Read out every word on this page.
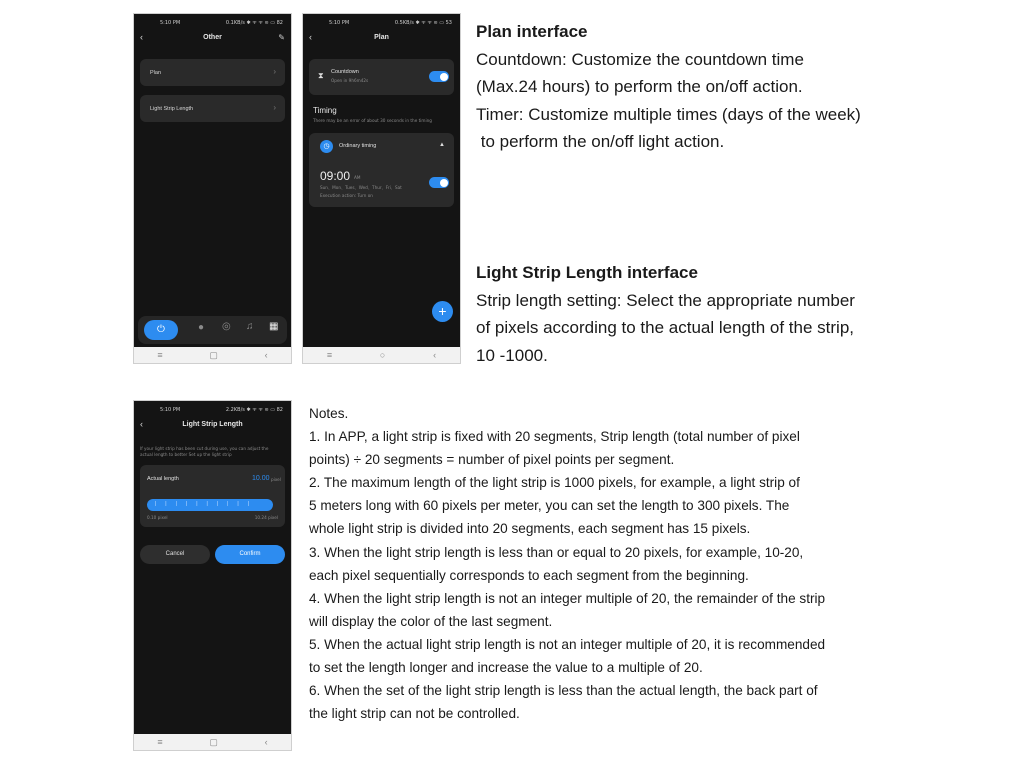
5:10 PM	0.1KB/s ✱ ᯤ ᯤ ≋ ▭ 82
‹	Other	✎
Plan	›
Light Strip Length	›
⏻	● ◎ ♫ ▦
≡	▢	‹
5:10 PM	0.5KB/s ✱ ᯤ ᯤ ≋ ▭ 53
‹	Plan
⧗ Countdown
Open in 9h6m42s
Timing
There may be an error of about 30 seconds in the timing
◷	Ordinary timing	▲
09:00 AM
Sun、Mon、Tues、Wed、Thur、Fri、Sat
Execution action: Turn on
+
≡	○	‹
5:10 PM	2.2KB/s ✱ ᯤ ᯤ ≋ ▭ 82
‹	Light Strip Length
If your light strip has been cut during use, you can adjust the
actual length to better Set up the light strip
Actual length	10.00 pixel
||||||||||
0.10 pixel	10.24 pixel
Cancel	Confirm
≡	▢	‹
Plan interface
Countdown: Customize the countdown time
(Max.24 hours) to perform the on/off action.
Timer: Customize multiple times (days of the week)
to perform the on/off light action.
Light Strip Length interface
Strip length setting: Select the appropriate number
of pixels according to the actual length of the strip,
10 -1000.
Notes.
1. In APP, a light strip is fixed with 20 segments, Strip length (total number of pixel
points) ÷ 20 segments = number of pixel points per segment.
2. The maximum length of the light strip is 1000 pixels, for example, a light strip of
5 meters long with 60 pixels per meter, you can set the length to 300 pixels. The
whole light strip is divided into 20 segments, each segment has 15 pixels.
3. When the light strip length is less than or equal to 20 pixels, for example, 10-20,
each pixel sequentially corresponds to each segment from the beginning.
4. When the light strip length is not an integer multiple of 20, the remainder of the strip
will display the color of the last segment.
5. When the actual light strip length is not an integer multiple of 20, it is recommended
to set the length longer and increase the value to a multiple of 20.
6. When the set of the light strip length is less than the actual length, the back part of
the light strip can not be controlled.
